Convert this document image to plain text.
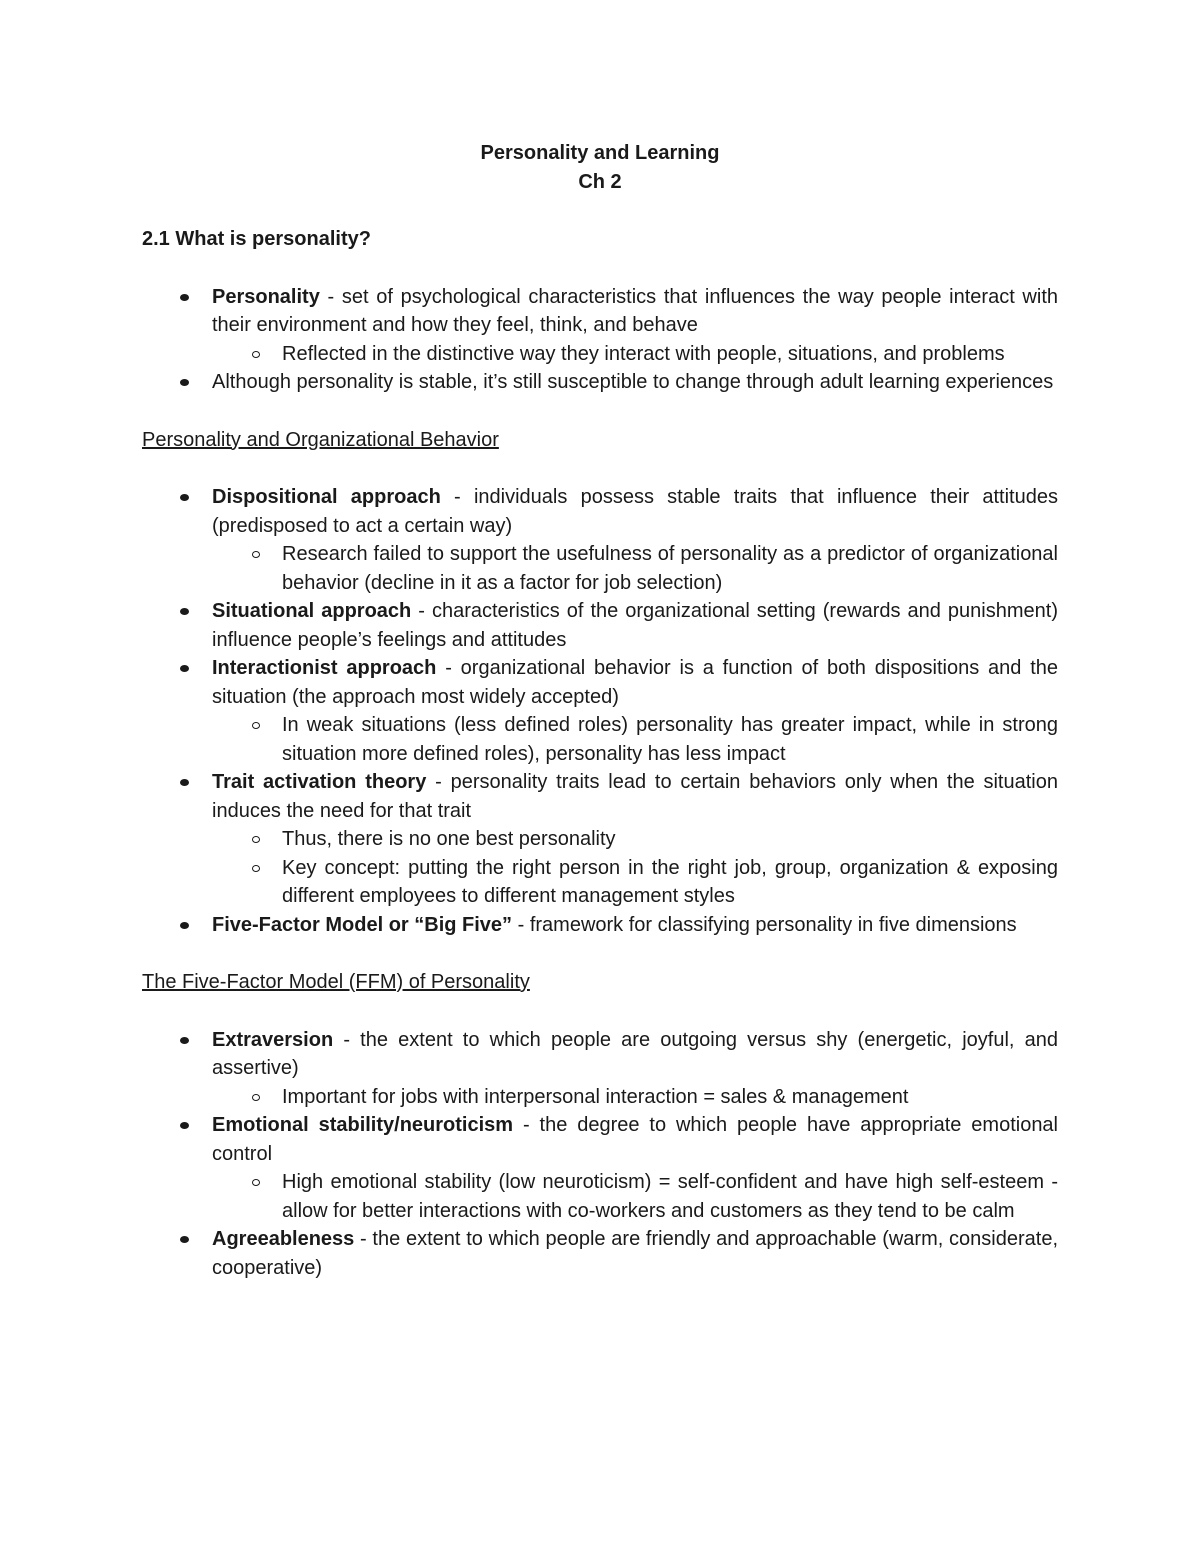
Personality and Learning

Ch 2

2.1 What is personality?

Personality - set of psychological characteristics that influences the way people interact with their environment and how they feel, think, and behave
Reflected in the distinctive way they interact with people, situations, and problems
Although personality is stable, it’s still susceptible to change through adult learning experiences

Personality and Organizational Behavior

Dispositional approach - individuals possess stable traits that influence their attitudes (predisposed to act a certain way)
Research failed to support the usefulness of personality as a predictor of organizational behavior (decline in it as a factor for job selection)
Situational approach - characteristics of the organizational setting (rewards and punishment) influence people’s feelings and attitudes
Interactionist approach - organizational behavior is a function of both dispositions and the situation (the approach most widely accepted)
In weak situations (less defined roles) personality has greater impact, while in strong situation more defined roles), personality has less impact
Trait activation theory - personality traits lead to certain behaviors only when the situation induces the need for that trait
Thus, there is no one best personality
Key concept: putting the right person in the right job, group, organization & exposing different employees to different management styles
Five-Factor Model or “Big Five” - framework for classifying personality in five dimensions

The Five-Factor Model (FFM) of Personality

Extraversion - the extent to which people are outgoing versus shy (energetic, joyful, and assertive)
Important for jobs with interpersonal interaction = sales & management
Emotional stability/neuroticism - the degree to which people have appropriate emotional control
High emotional stability (low neuroticism) = self-confident and have high self-esteem - allow for better interactions with co-workers and customers as they tend to be calm
Agreeableness - the extent to which people are friendly and approachable (warm, considerate, cooperative)
